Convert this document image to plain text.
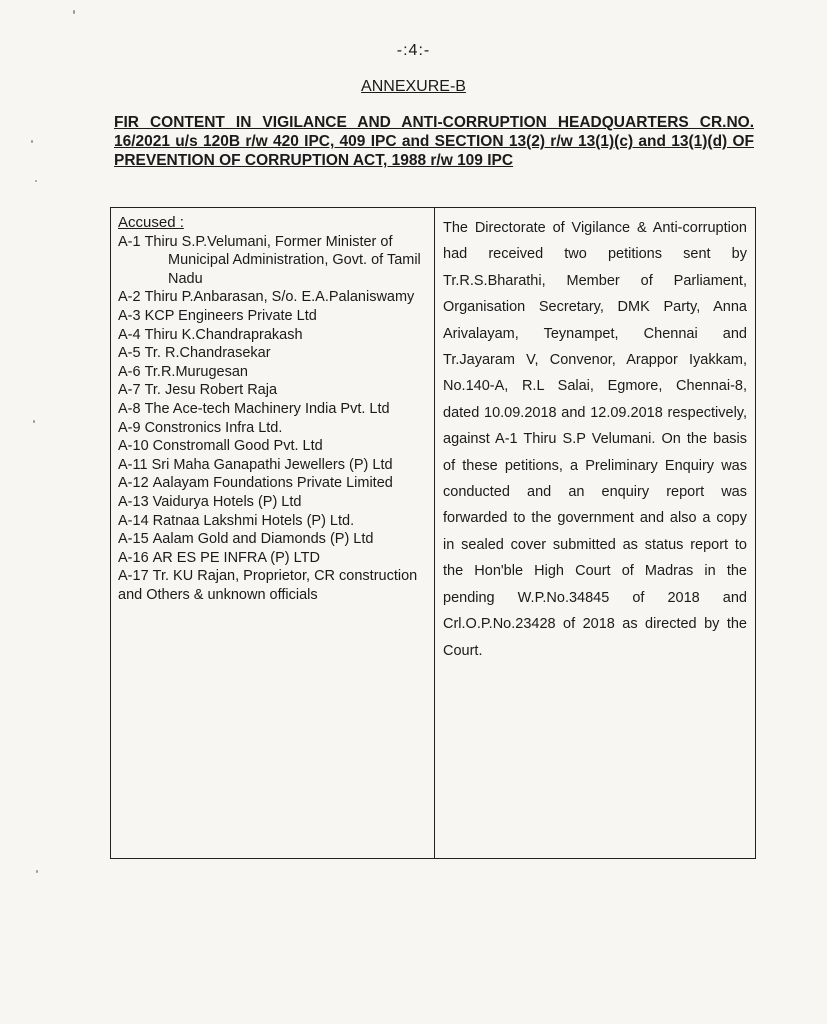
-:4:-
ANNEXURE-B
FIR CONTENT IN VIGILANCE AND ANTI-CORRUPTION HEADQUARTERS CR.NO. 16/2021 u/s 120B r/w 420 IPC, 409 IPC and SECTION 13(2) r/w 13(1)(c) and 13(1)(d) OF PREVENTION OF CORRUPTION ACT, 1988 r/w 109 IPC
Accused :
A-1 Thiru S.P.Velumani, Former Minister of Municipal Administration, Govt. of Tamil Nadu
A-2 Thiru P.Anbarasan, S/o. E.A.Palaniswamy
A-3 KCP Engineers Private Ltd
A-4 Thiru K.Chandraprakash
A-5 Tr. R.Chandrasekar
A-6 Tr.R.Murugesan
A-7 Tr. Jesu Robert Raja
A-8 The Ace-tech Machinery India Pvt. Ltd
A-9 Constronics Infra Ltd.
A-10 Constromall Good Pvt. Ltd
A-11 Sri Maha Ganapathi Jewellers (P) Ltd
A-12 Aalayam Foundations Private Limited
A-13 Vaidurya Hotels (P) Ltd
A-14 Ratnaa Lakshmi Hotels (P) Ltd.
A-15 Aalam Gold and Diamonds (P) Ltd
A-16 AR ES PE INFRA (P) LTD
A-17 Tr. KU Rajan, Proprietor, CR construction
and Others & unknown officials
The Directorate of Vigilance & Anti-corruption had received two petitions sent by Tr.R.S.Bharathi, Member of Parliament, Organisation Secretary, DMK Party, Anna Arivalayam, Teynampet, Chennai and Tr.Jayaram V, Convenor, Arappor Iyakkam, No.140-A, R.L Salai, Egmore, Chennai-8, dated 10.09.2018 and 12.09.2018 respectively, against A-1 Thiru S.P Velumani. On the basis of these petitions, a Preliminary Enquiry was conducted and an enquiry report was forwarded to the government and also a copy in sealed cover submitted as status report to the Hon'ble High Court of Madras in the pending W.P.No.34845 of 2018 and Crl.O.P.No.23428 of 2018 as directed by the Court.
